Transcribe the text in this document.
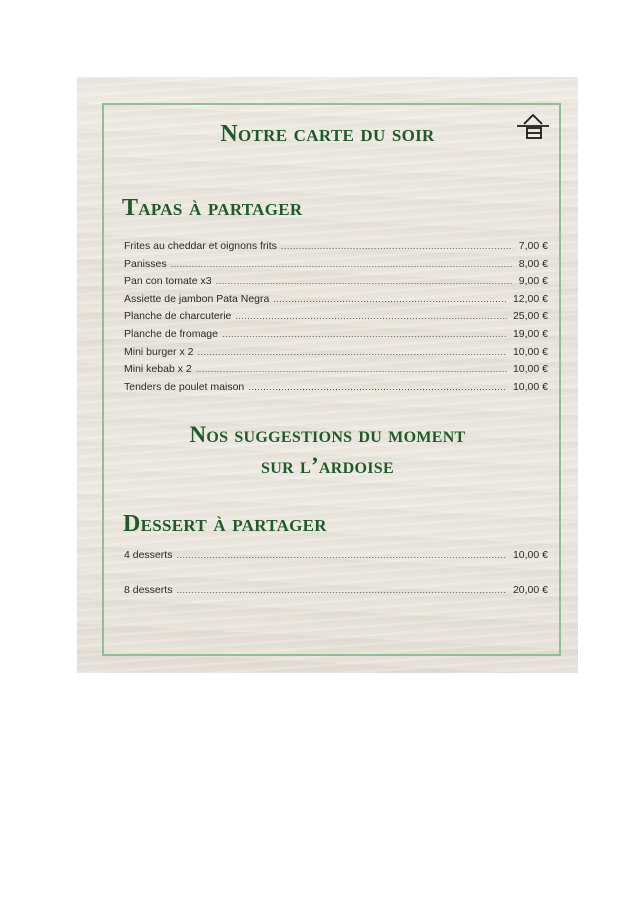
Notre carte du soir
Tapas à partager
Frites au cheddar et oignons frits .....	7,00 €
Panisses .....	8,00 €
Pan con tomate x3 .....	9,00 €
Assiette de jambon Pata Negra .....	12,00 €
Planche de charcuterie .....	25,00 €
Planche de fromage .....	19,00 €
Mini burger x 2 .....	10,00 €
Mini kebab x 2 .....	10,00 €
Tenders de poulet maison .....	10,00 €
Nos suggestions du moment
sur l’ardoise
Dessert à partager
4 desserts .....	10,00 €
8 desserts .....	20,00 €
